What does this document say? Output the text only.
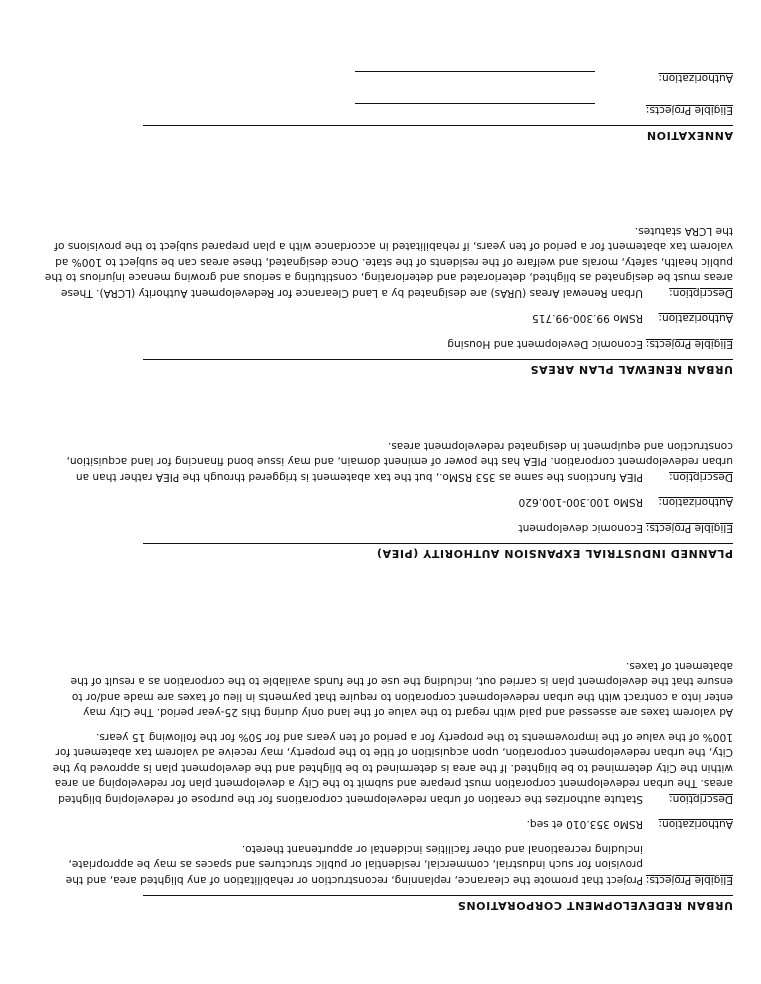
URBAN REDEVELOPMENT CORPORATIONS
Eligible Projects:
Project that promote the clearance, replanning, reconstruction or rehabilitation of any blighted area, and the provision for such industrial, commercial, residential or public structures and spaces as may be appropriate, including recreational and other facilities incidental or appurtenant thereto.
Authorization:
RSMo 353.010 et seq.
Description:
Statute authorizes the creation of urban redevelopment corporations for the purpose of redeveloping blighted areas. The urban redevelopment corporation must prepare and submit to the City a development plan for redeveloping an area within the City determined to be blighted. If the area is determined to be blighted and the development plan is approved by the City, the urban redevelopment corporation, upon acquisition of title to the property, may receive ad valorem tax abatement for 100% of the value of the improvements to the property for a period of ten years and for 50% for the following 15 years.
Ad valorem taxes are assessed and paid with regard to the value of the land only during this 25-year period. The City may enter into a contract with the urban redevelopment corporation to require that payments in lieu of taxes are made and/or to ensure that the development plan is carried out, including the use of the funds available to the corporation as a result of the abatement of taxes.
PLANNED INDUSTRIAL EXPANSION AUTHORITY (PIEA)
Eligible Projects:
Economic development
Authorization:
RSMo 100.300-100.620
Description:
PIEA functions the same as 353 RSMo., but the tax abatement is triggered through the PIEA rather than an urban redevelopment corporation. PIEA has the power of eminent domain, and may issue bond financing for land acquisition, construction and equipment in designated redevelopment areas.
URBAN RENEWAL PLAN AREAS
Eligible Projects:
Economic Development and Housing
Authorization:
RSMo 99.300-99.715
Description:
Urban Renewal Areas (URAs) are designated by a Land Clearance for Redevelopment Authority (LCRA). These areas must be designated as blighted, deteriorated and deteriorating, constituting a serious and growing menace injurious to the public health, safety, morals and welfare of the residents of the state. Once designated, these areas can be subject to 100% ad valorem tax abatement for a period of ten years, if rehabilitated in accordance with a plan prepared subject to the provisions of the LCRA statutes.
ANNEXATION
Eligible Projects:
Authorization:
